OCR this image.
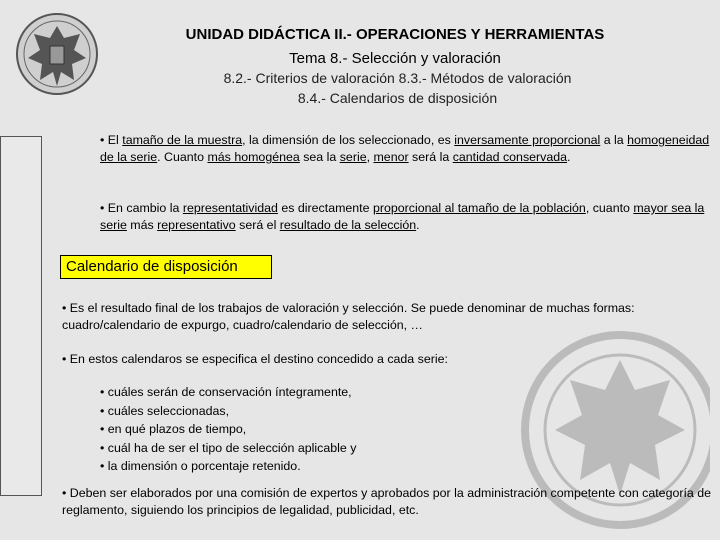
UNIDAD DIDÁCTICA II.- OPERACIONES Y HERRAMIENTAS
Tema 8.- Selección y valoración
8.2.- Criterios de valoración 8.3.- Métodos de valoración
8.4.- Calendarios de disposición
• El tamaño de la muestra, la dimensión de los seleccionado, es inversamente proporcional a la homogeneidad de la serie. Cuanto más homogénea sea la serie, menor será la cantidad conservada.
• En cambio la representatividad es directamente proporcional al tamaño de la población, cuanto mayor sea la serie más representativo será el resultado de la selección.
Calendario de disposición
• Es el resultado final de los trabajos de valoración y selección. Se puede denominar de muchas formas: cuadro/calendario de expurgo, cuadro/calendario de selección, …
• En estos calendaros se especifica el destino concedido a cada serie:
• cuáles serán de conservación íntegramente,
• cuáles seleccionadas,
• en qué plazos de tiempo,
• cuál ha de ser el tipo de selección aplicable y
• la dimensión o porcentaje retenido.
• Deben ser elaborados por una comisión de expertos y aprobados por la administración competente con categoría de reglamento, siguiendo los principios de legalidad, publicidad, etc.
